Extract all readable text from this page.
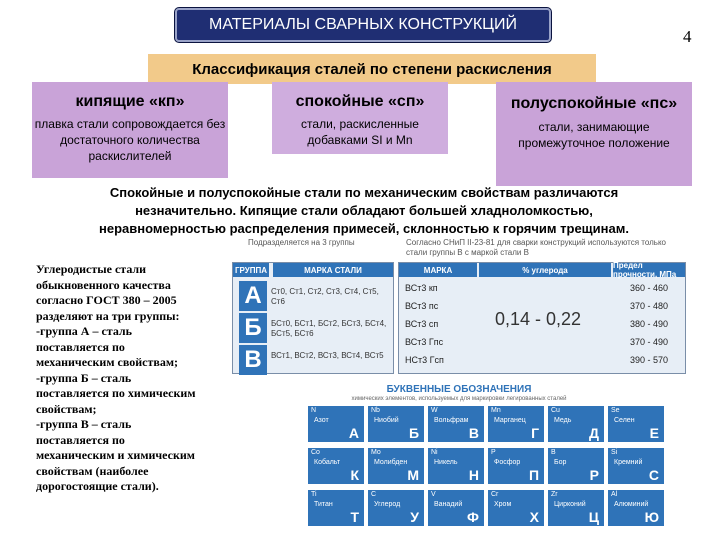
МАТЕРИАЛЫ СВАРНЫХ КОНСТРУКЦИЙ
4
Классификация сталей по степени раскисления
кипящие «кп»
плавка стали сопровождается без достаточного количества раскислителей
спокойные «сп»
стали, раскисленные добавками SI и Mn
полуспокойные «пс»
стали, занимающие промежуточное положение
Спокойные и полуспокойные стали по механическим свойствам различаются незначительно. Кипящие стали обладают большей хладноломкостью, неравномерностью распределения примесей, склонностью к горячим трещинам.
Углеродистые стали
обыкновенного качества
согласно ГОСТ 380 – 2005
разделяют на три группы:
-группа А – сталь
поставляется по
механическим свойствам;
-группа Б – сталь
поставляется по химическим
свойствам;
-группа В – сталь
поставляется по
механическим и химическим
свойствам (наиболее
дорогостоящие стали).
Подразделяется на 3 группы	Согласно СНиП II-23-81 для сварки конструкций используются только стали группы В с маркой стали В
ГРУППА	МАРКА СТАЛИ
А	Ст0, Ст1, Ст2, Ст3, Ст4, Ст5, Ст6
Б	БСт0, БСт1, БСт2, БСт3, БСт4, БСт5, БСт6
В	ВСт1, ВСт2, ВСт3, ВСт4, ВСт5
МАРКА	% углерода	Предел прочности, МПа
0,14 - 0,22
ВСт3 кп	360 - 460
ВСт3 пс	370 - 480
ВСт3 сп	380 - 490
ВСт3 Гпс	370 - 490
НСт3 Гсп	390 - 570
БУКВЕННЫЕ ОБОЗНАЧЕНИЯ
химических элементов, используемых для маркировки легированных сталей
N
Азот
А
Nb
Ниобий
Б
W
Вольфрам
В
Mn
Марганец
Г
Cu
Медь
Д
Se
Селен
Е
Co
Кобальт
К
Mo
Молибден
М
Ni
Никель
Н
P
Фосфор
П
B
Бор
Р
Si
Кремний
С
Ti
Титан
Т
C
Углерод
У
V
Ванадий
Ф
Cr
Хром
Х
Zr
Цирконий
Ц
Al
Алюминий
Ю
